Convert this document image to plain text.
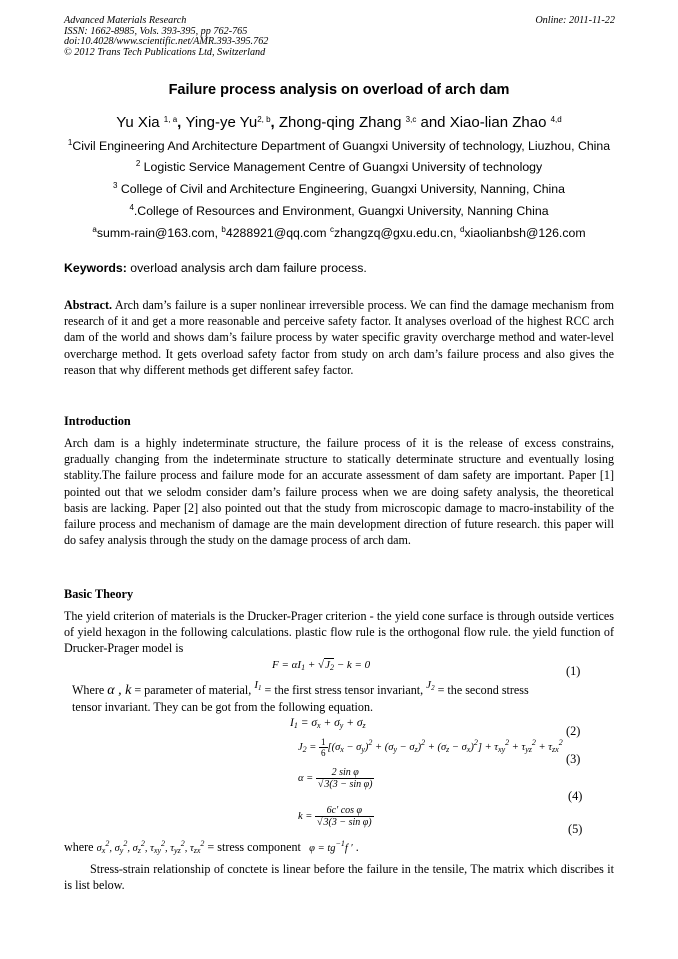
Advanced Materials Research
ISSN: 1662-8985, Vols. 393-395, pp 762-765
doi:10.4028/www.scientific.net/AMR.393-395.762
© 2012 Trans Tech Publications Ltd, Switzerland
Online: 2011-11-22
Failure process analysis on overload of arch dam
Yu Xia $^{1, a}$, Ying-ye Yu$^{2, b}$, Zhong-qing Zhang $^{3,c}$ and Xiao-lian Zhao $^{4,d}$
$^1$Civil Engineering And Architecture Department of Guangxi University of technology, Liuzhou, China
$^2$ Logistic Service Management Centre of Guangxi University of technology
$^3$ College of Civil and Architecture Engineering, Guangxi University, Nanning, China
$^4$.College of Resources and Environment, Guangxi University, Nanning China
$^a$summ-rain@163.com, $^b$4288921@qq.com $^c$zhangzq@gxu.edu.cn, $^d$xiaolianbsh@126.com
Keywords: overload analysis arch dam failure process.
Abstract. Arch dam’s failure is a super nonlinear irreversible process. We can find the damage mechanism from research of it and get a more reasonable and perceive safety factor. It analyses overload of the highest RCC arch dam of the world and shows dam’s failure process by water specific gravity overcharge method and water-level overcharge method. It gets overload safety factor from study on arch dam’s failure process and also gives the reason that why different methods get different safey factor.
Introduction
Arch dam is a highly indeterminate structure, the failure process of it is the release of excess constrains, gradually changing from the indeterminate structure to statically determinate structure and eventually losing stablity.The failure process and failure mode for an accurate assessment of dam safety are important. Paper [1] pointed out that we selodm consider dam’s failure process when we are doing safety analysis, the theoretical basis are lacking. Paper [2] also pointed out that the study from microscopic damage to macro-instability of the failure process and mechanism of damage are the main development direction of future research. this paper will do safey analysis through the study on the damage process of arch dam.
Basic Theory
The yield criterion of materials is the Drucker-Prager criterion - the yield cone surface is through outside vertices of yield hexagon in the following calculations. plastic flow rule is the orthogonal flow rule. the yield function of Drucker-Prager model is
$F = \alpha I_1 + √J_2 - k = 0$	(1)
Where α , k = parameter of material, $^{I_1}$ = the first stress tensor invariant, $^{J_2}$ = the second stress
tensor invariant. They can be got from the following equation.
$I_1 = \sigma_x + \sigma_y + \sigma_z$	(2)
$J_2 = \frac{1}{6} [(\sigma_x - \sigma_y)^2 + (\sigma_y - \sigma_z)^2 + (\sigma_z - \sigma_x)^2] + \tau_{xy}^2 + \tau_{yz}^2 + \tau_{zx}^2$
(3)
$\alpha = \frac{\text{2 sin φ}}{\text{√3(3 − sin φ)}}$
(4)
$k = \frac{\text{6c′ cos φ}}{\text{√3(3 − sin φ)}}$
(5)
where $\sigma_x^2$, $\sigma_y^2$, $\sigma_z^2$, $\tau_{xy}^2$, $\tau_{yz}^2$, $\tau_{zx}^2$ = stress component   $\varphi = tg^{-1}f$ ′ .
Stress-strain relationship of conctete is linear before the failure in the tensile, The matrix which discribes it is list below.
